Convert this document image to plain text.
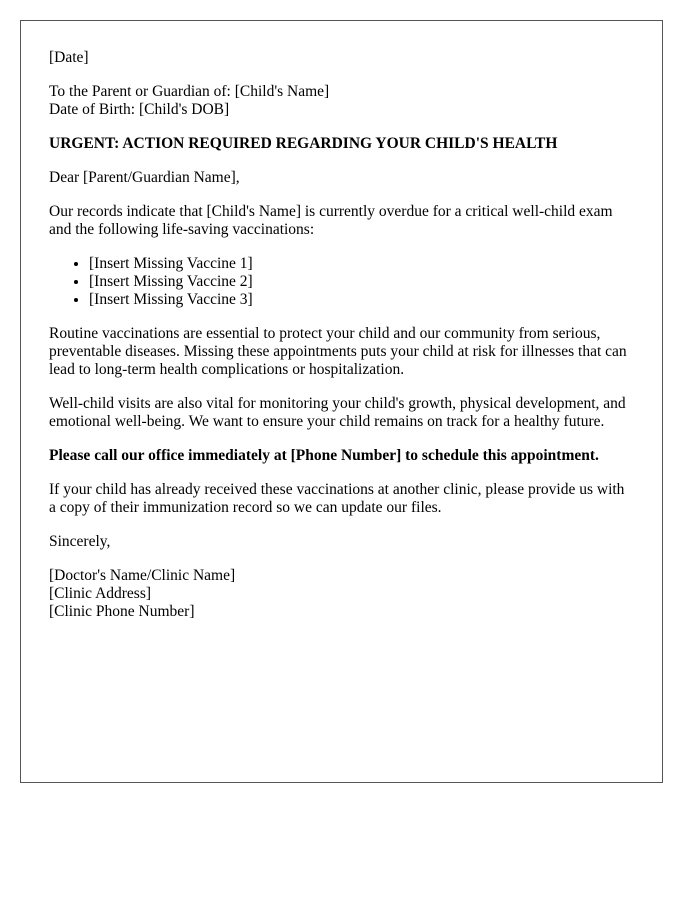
[Date]

To the Parent or Guardian of: [Child's Name]
Date of Birth: [Child's DOB]

URGENT: ACTION REQUIRED REGARDING YOUR CHILD'S HEALTH

Dear [Parent/Guardian Name],

Our records indicate that [Child's Name] is currently overdue for a critical well-child exam and the following life-saving vaccinations:

• [Insert Missing Vaccine 1]
• [Insert Missing Vaccine 2]
• [Insert Missing Vaccine 3]

Routine vaccinations are essential to protect your child and our community from serious, preventable diseases. Missing these appointments puts your child at risk for illnesses that can lead to long-term health complications or hospitalization.

Well-child visits are also vital for monitoring your child's growth, physical development, and emotional well-being. We want to ensure your child remains on track for a healthy future.

Please call our office immediately at [Phone Number] to schedule this appointment.

If your child has already received these vaccinations at another clinic, please provide us with a copy of their immunization record so we can update our files.

Sincerely,

[Doctor's Name/Clinic Name]
[Clinic Address]
[Clinic Phone Number]
